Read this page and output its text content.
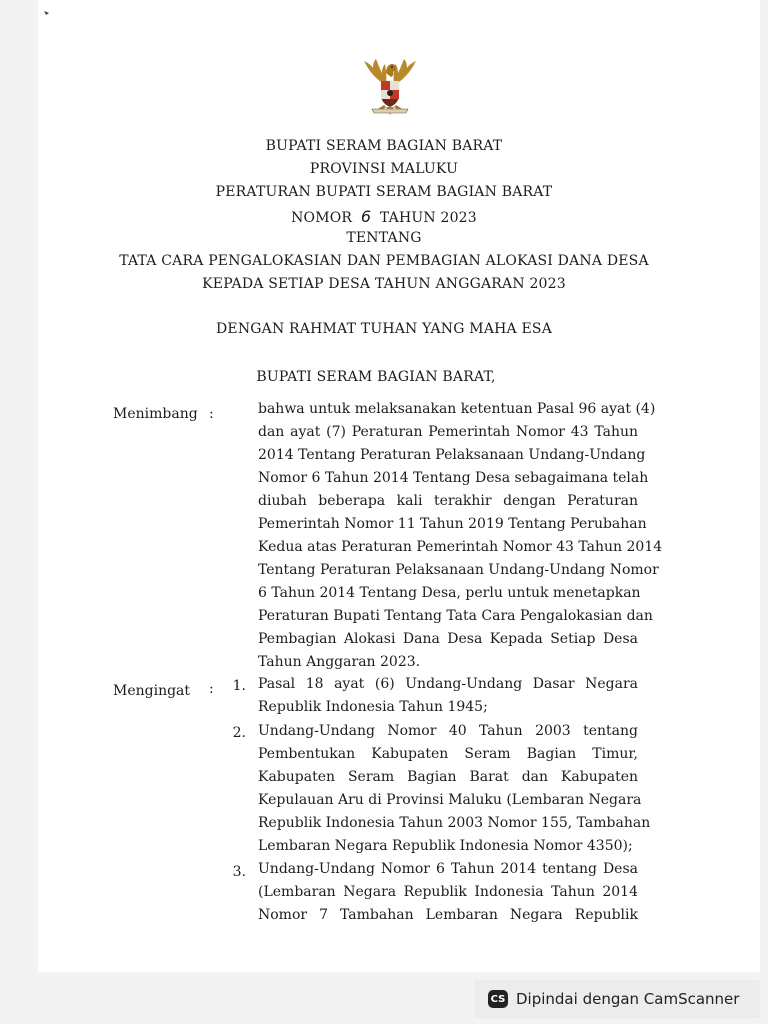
BUPATI SERAM BAGIAN BARAT
PROVINSI MALUKU
PERATURAN BUPATI SERAM BAGIAN BARAT
NOMOR 6 TAHUN 2023
TENTANG
TATA CARA PENGALOKASIAN DAN PEMBAGIAN ALOKASI DANA DESA
KEPADA SETIAP DESA TAHUN ANGGARAN 2023
DENGAN RAHMAT TUHAN YANG MAHA ESA
BUPATI SERAM BAGIAN BARAT,
Menimbang :	bahwa untuk melaksanakan ketentuan Pasal 96 ayat (4)
dan ayat (7) Peraturan Pemerintah Nomor 43 Tahun
2014 Tentang Peraturan Pelaksanaan Undang-Undang
Nomor 6 Tahun 2014 Tentang Desa sebagaimana telah
diubah beberapa kali terakhir dengan Peraturan
Pemerintah Nomor 11 Tahun 2019 Tentang Perubahan
Kedua atas Peraturan Pemerintah Nomor 43 Tahun 2014
Tentang Peraturan Pelaksanaan Undang-Undang Nomor
6 Tahun 2014 Tentang Desa, perlu untuk menetapkan
Peraturan Bupati Tentang Tata Cara Pengalokasian dan
Pembagian Alokasi Dana Desa Kepada Setiap Desa
Tahun Anggaran 2023.
Mengingat :	1. Pasal 18 ayat (6) Undang-Undang Dasar Negara
Republik Indonesia Tahun 1945;
2. Undang-Undang Nomor 40 Tahun 2003 tentang
Pembentukan Kabupaten Seram Bagian Timur,
Kabupaten Seram Bagian Barat dan Kabupaten
Kepulauan Aru di Provinsi Maluku (Lembaran Negara
Republik Indonesia Tahun 2003 Nomor 155, Tambahan
Lembaran Negara Republik Indonesia Nomor 4350);
3. Undang-Undang Nomor 6 Tahun 2014 tentang Desa
(Lembaran Negara Republik Indonesia Tahun 2014
Nomor 7 Tambahan Lembaran Negara Republik
CS Dipindai dengan CamScanner
